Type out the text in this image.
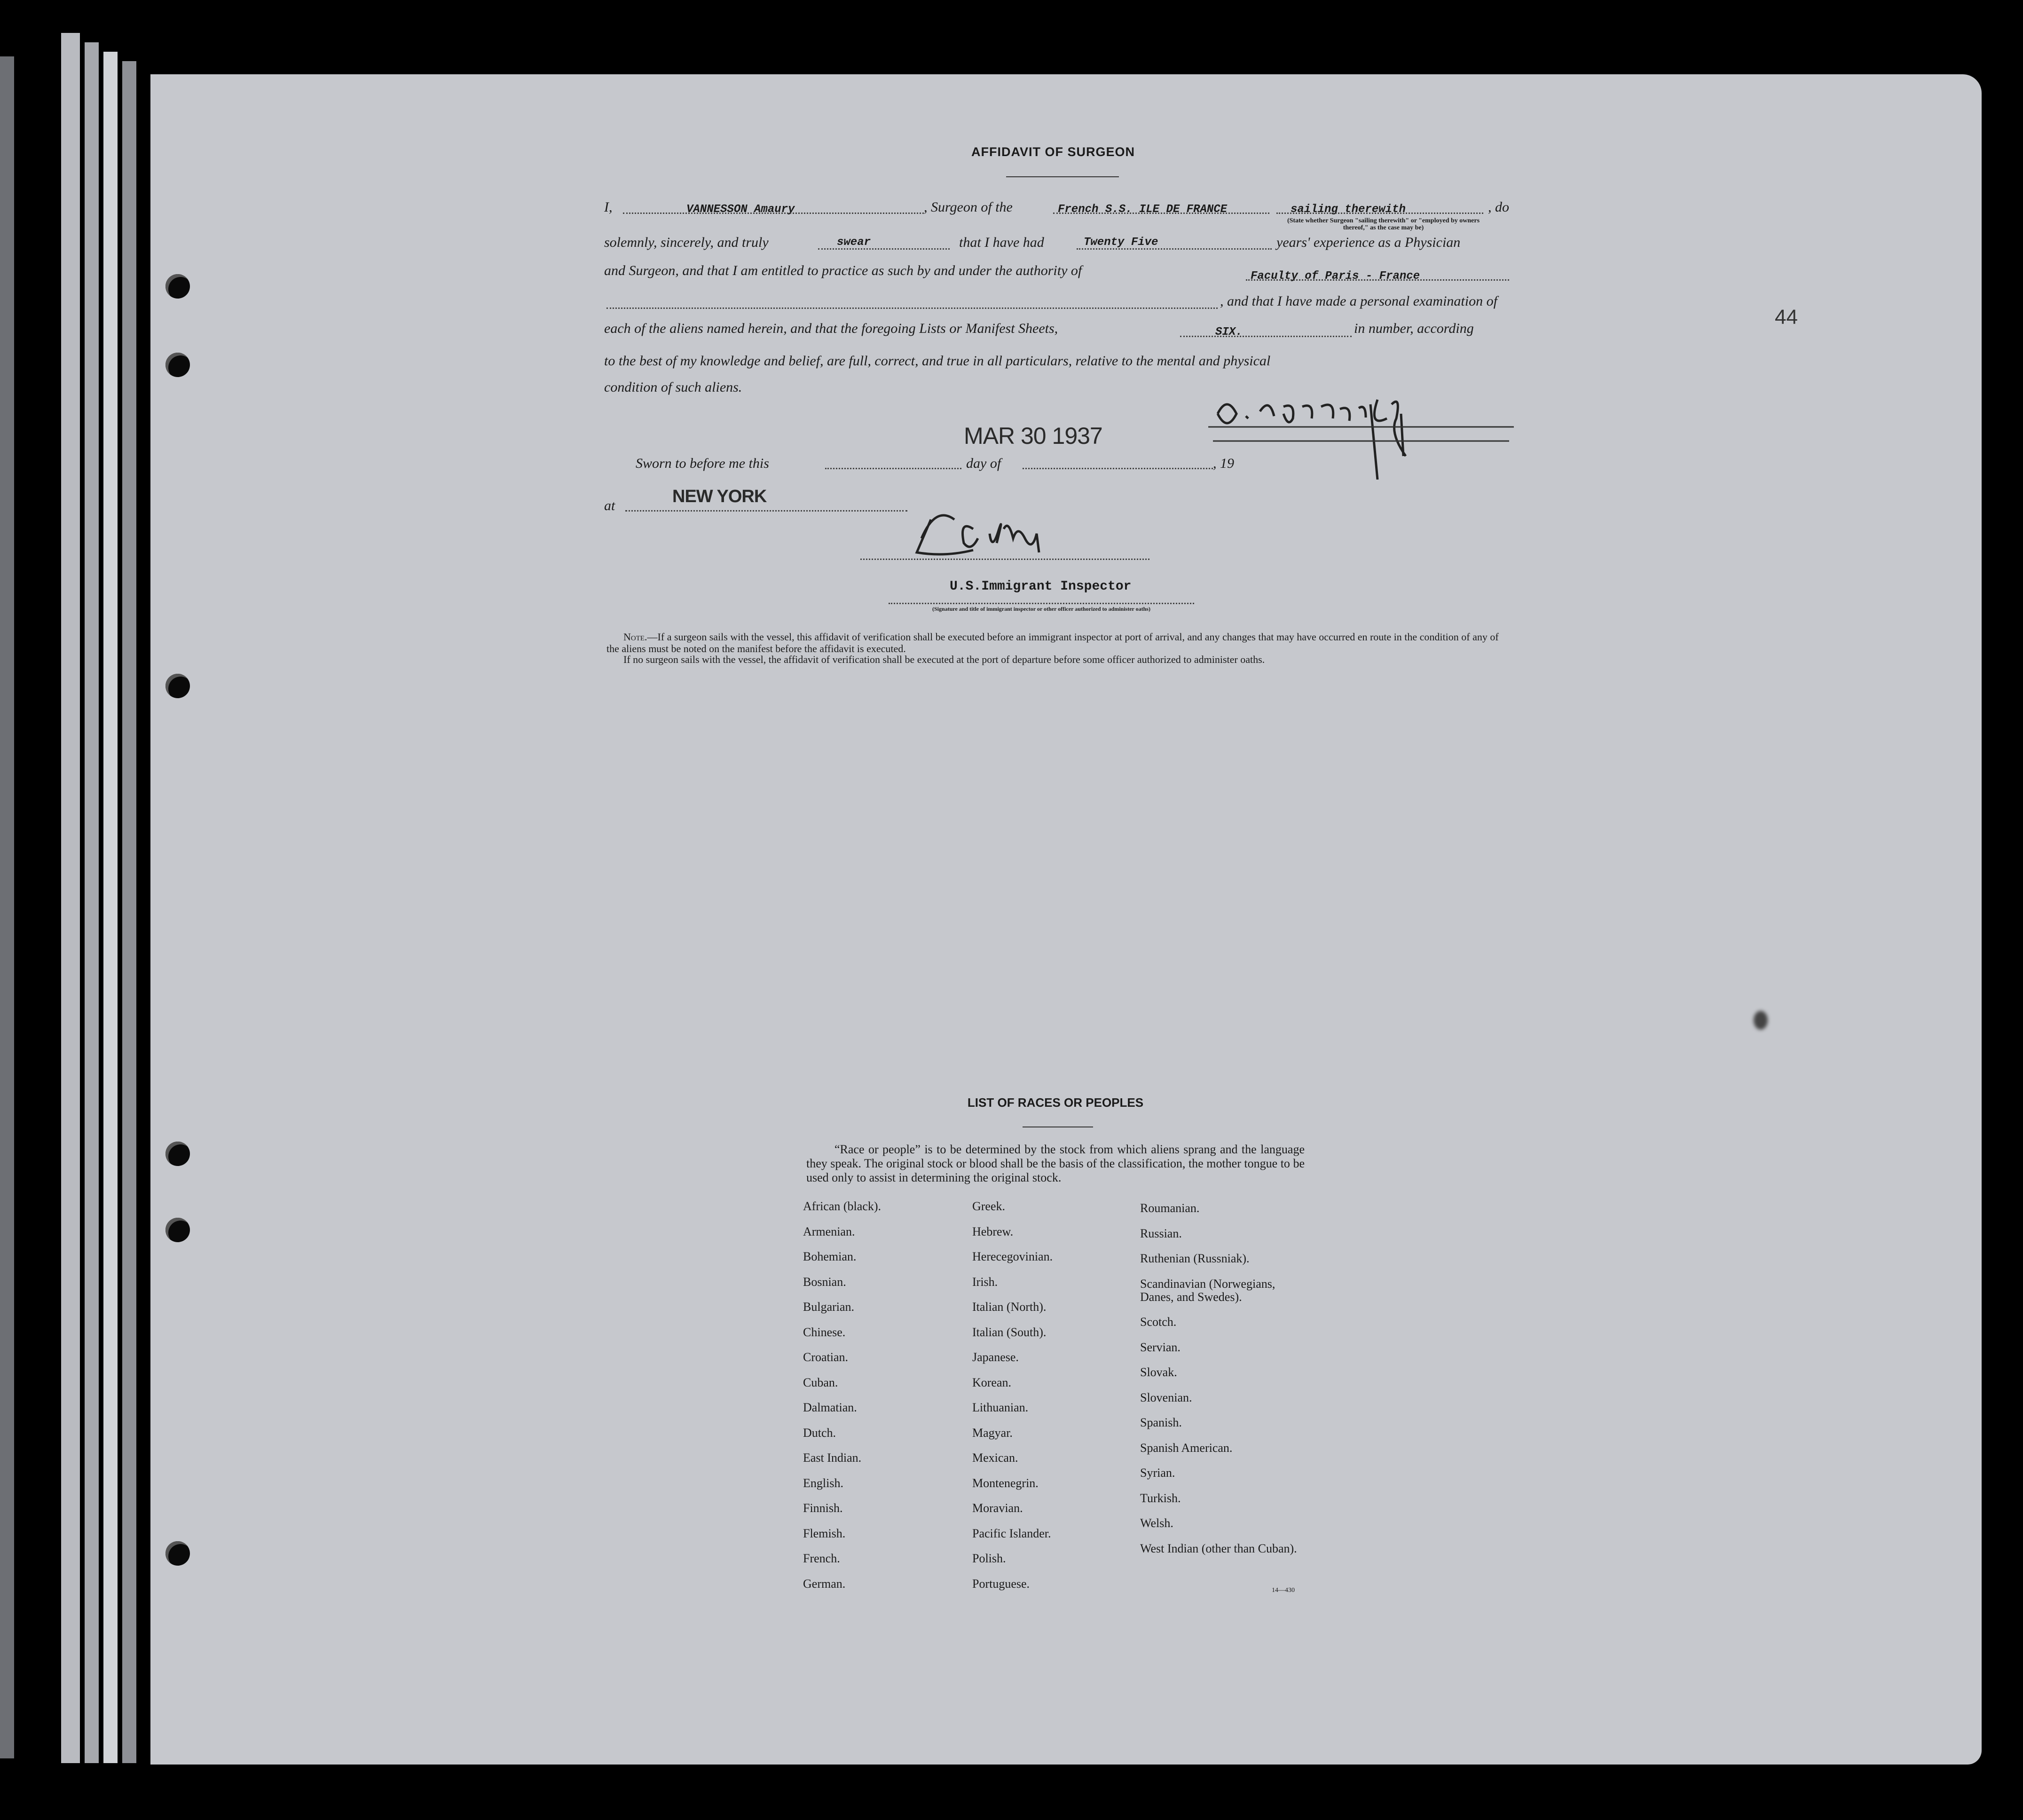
AFFIDAVIT OF SURGEON
I,	VANNESSON Amaury	, Surgeon of the	French S.S. ILE DE FRANCE	sailing therewith	, do
(State whether Surgeon "sailing therewith" or "employed by owners thereof," as the case may be)
solemnly, sincerely, and truly	swear	that I have had	Twenty Five	years' experience as a Physician
and Surgeon, and that I am entitled to practice as such by and under the authority of	Faculty of Paris - France
, and that I have made a personal examination of
each of the aliens named herein, and that the foregoing Lists or Manifest Sheets,	SIX.	in number, according
to the best of my knowledge and belief, are full, correct, and true in all particulars, relative to the mental and physical
condition of such aliens.
MAR 30 1937
Sworn to before me this	day of	, 19
at	NEW YORK
U.S.Immigrant Inspector
(Signature and title of immigrant inspector or other officer authorized to administer oaths)
Note.—If a surgeon sails with the vessel, this affidavit of verification shall be executed before an immigrant inspector at port of arrival, and any changes that may have occurred en route in the condition of any of the aliens must be noted on the manifest before the affidavit is executed.
If no surgeon sails with the vessel, the affidavit of verification shall be executed at the port of departure before some officer authorized to administer oaths.
44
LIST OF RACES OR PEOPLES
“Race or people” is to be determined by the stock from which aliens sprang and the language they speak. The original stock or blood shall be the basis of the classification, the mother tongue to be used only to assist in determining the original stock.
African (black).
Armenian.
Bohemian.
Bosnian.
Bulgarian.
Chinese.
Croatian.
Cuban.
Dalmatian.
Dutch.
East Indian.
English.
Finnish.
Flemish.
French.
German.
Greek.
Hebrew.
Herecegovinian.
Irish.
Italian (North).
Italian (South).
Japanese.
Korean.
Lithuanian.
Magyar.
Mexican.
Montenegrin.
Moravian.
Pacific Islander.
Polish.
Portuguese.
Roumanian.
Russian.
Ruthenian (Russniak).
Scandinavian (Norwegians, Danes, and Swedes).
Scotch.
Servian.
Slovak.
Slovenian.
Spanish.
Spanish American.
Syrian.
Turkish.
Welsh.
West Indian (other than Cuban).
14—430
